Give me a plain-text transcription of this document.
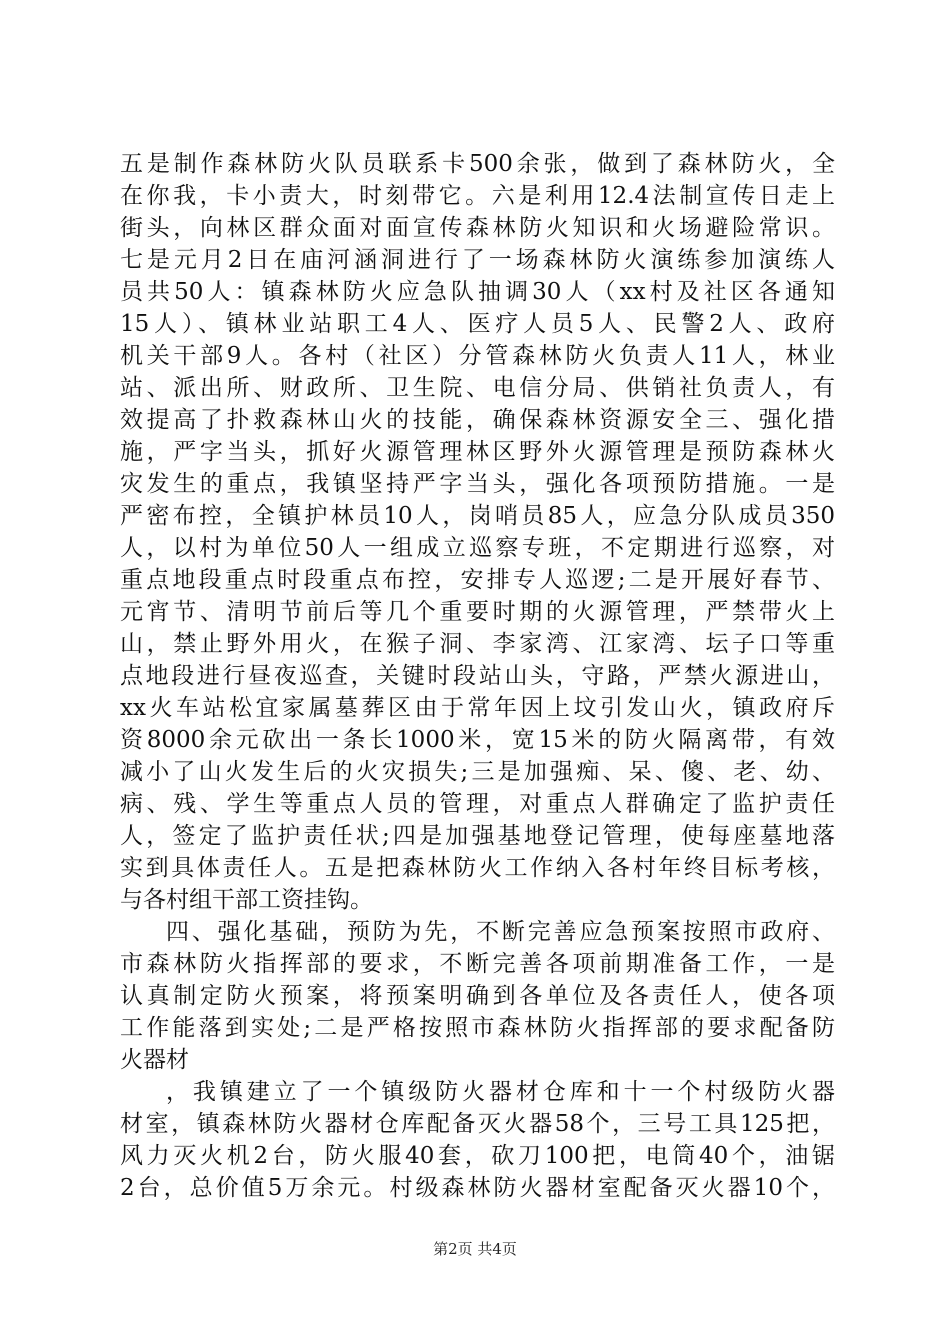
五是制作森林防火队员联系卡500余张，做到了森林防火，全
在你我，卡小责大，时刻带它。六是利用12.4法制宣传日走上
街头，向林区群众面对面宣传森林防火知识和火场避险常识。
七是元月2日在庙河涵洞进行了一场森林防火演练参加演练人
员共50人：镇森林防火应急队抽调30人（xx村及社区各通知
15人）、镇林业站职工4人、医疗人员5人、民警2人、政府
机关干部9人。各村（社区）分管森林防火负责人11人，林业
站、派出所、财政所、卫生院、电信分局、供销社负责人，有
效提高了扑救森林山火的技能，确保森林资源安全三、强化措
施，严字当头，抓好火源管理林区野外火源管理是预防森林火
灾发生的重点，我镇坚持严字当头，强化各项预防措施。一是
严密布控，全镇护林员10人，岗哨员85人，应急分队成员350
人，以村为单位50人一组成立巡察专班，不定期进行巡察，对
重点地段重点时段重点布控，安排专人巡逻;二是开展好春节、
元宵节、清明节前后等几个重要时期的火源管理，严禁带火上
山，禁止野外用火，在猴子洞、李家湾、江家湾、坛子口等重
点地段进行昼夜巡查，关键时段站山头，守路，严禁火源进山，
xx火车站松宜家属墓葬区由于常年因上坟引发山火，镇政府斥
资8000余元砍出一条长1000米，宽15米的防火隔离带，有效
减小了山火发生后的火灾损失;三是加强痴、呆、傻、老、幼、
病、残、学生等重点人员的管理，对重点人群确定了监护责任
人，签定了监护责任状;四是加强基地登记管理，使每座墓地落
实到具体责任人。五是把森林防火工作纳入各村年终目标考核，
与各村组干部工资挂钩。
四、强化基础，预防为先，不断完善应急预案按照市政府、
市森林防火指挥部的要求，不断完善各项前期准备工作，一是
认真制定防火预案，将预案明确到各单位及各责任人，使各项
工作能落到实处;二是严格按照市森林防火指挥部的要求配备防
火器材
，我镇建立了一个镇级防火器材仓库和十一个村级防火器
材室，镇森林防火器材仓库配备灭火器58个，三号工具125把，
风力灭火机2台，防火服40套，砍刀100把，电筒40个，油锯
2台，总价值5万余元。村级森林防火器材室配备灭火器10个，
第2页 共4页
